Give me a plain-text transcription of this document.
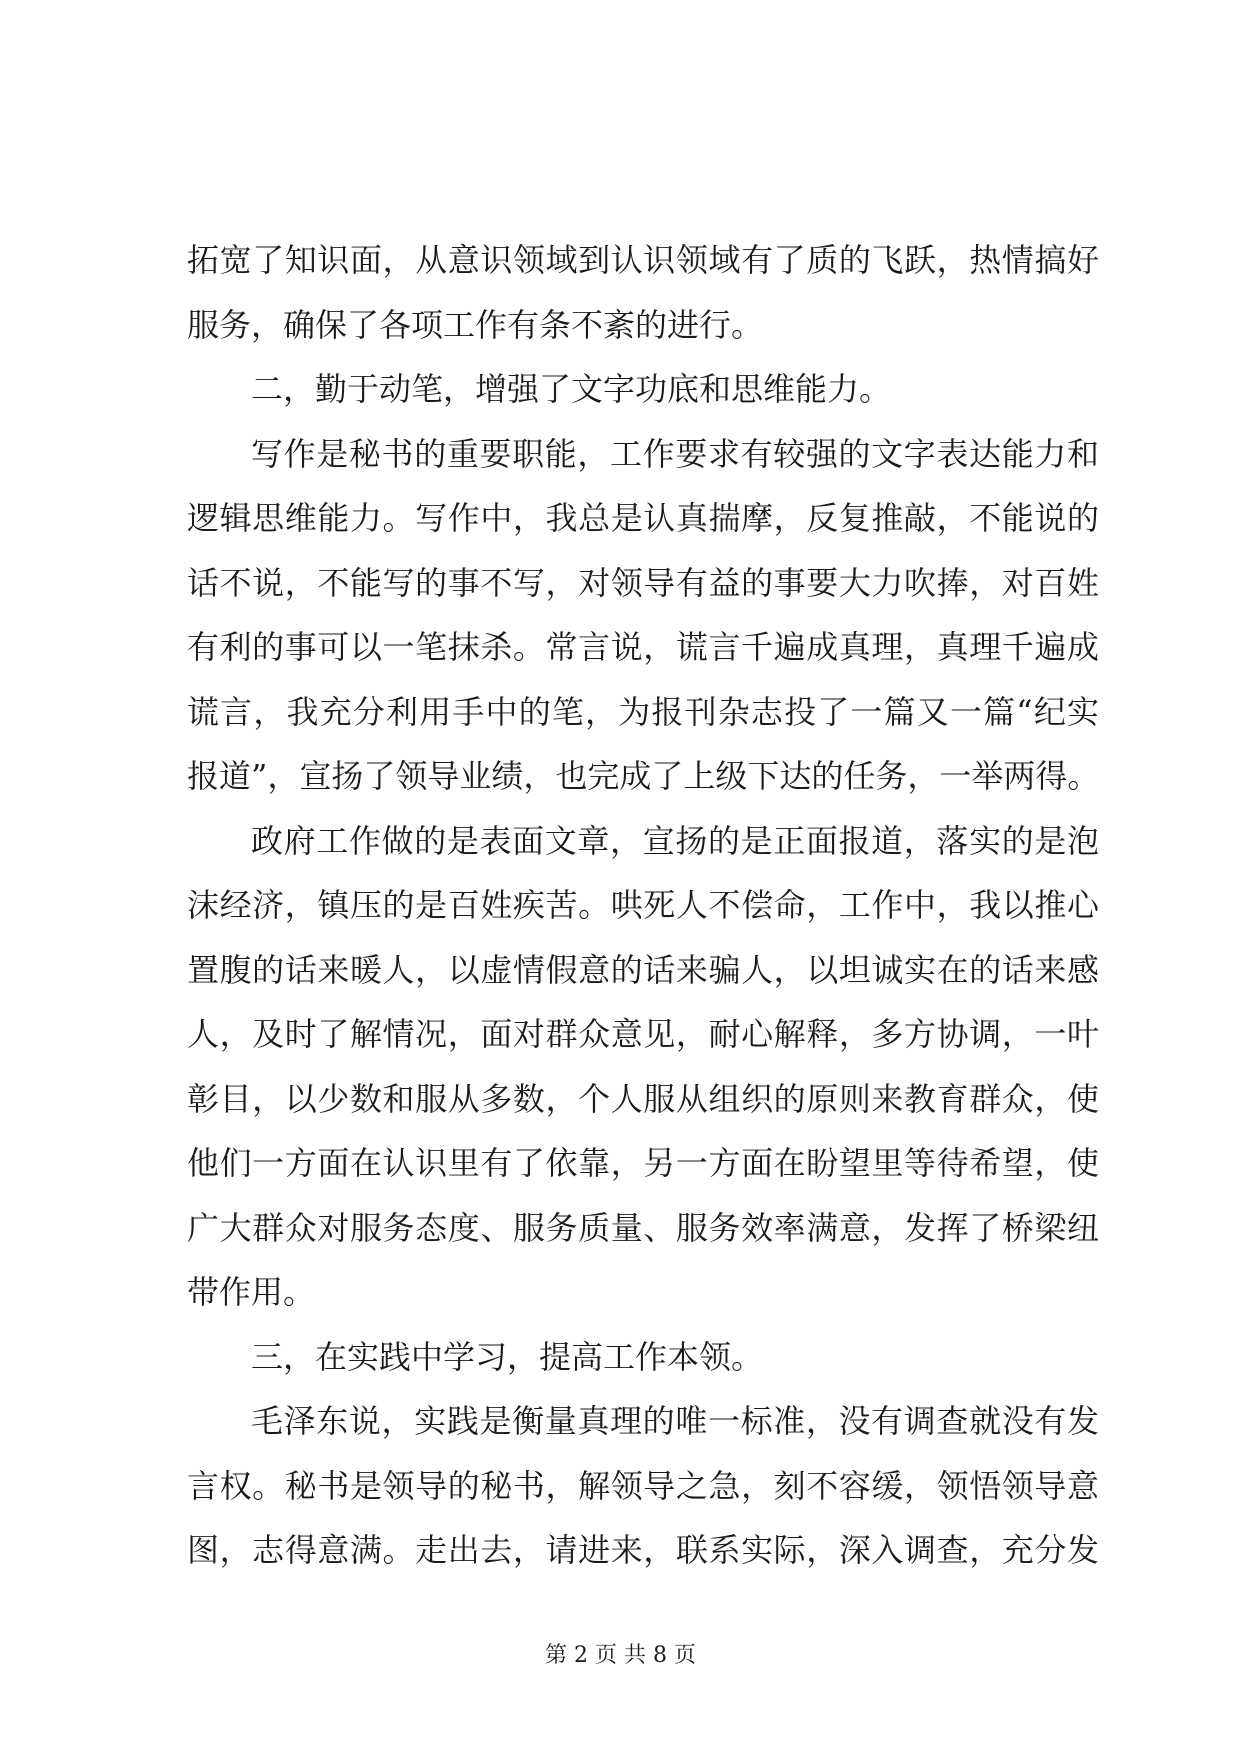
拓宽了知识面，从意识领域到认识领域有了质的飞跃，热情搞好
服务，确保了各项工作有条不紊的进行。
二，勤于动笔，增强了文字功底和思维能力。
写作是秘书的重要职能，工作要求有较强的文字表达能力和
逻辑思维能力。写作中，我总是认真揣摩，反复推敲，不能说的
话不说，不能写的事不写，对领导有益的事要大力吹捧，对百姓
有利的事可以一笔抹杀。常言说，谎言千遍成真理，真理千遍成
谎言，我充分利用手中的笔，为报刊杂志投了一篇又一篇“纪实
报道”，宣扬了领导业绩，也完成了上级下达的任务，一举两得。
政府工作做的是表面文章，宣扬的是正面报道，落实的是泡
沫经济，镇压的是百姓疾苦。哄死人不偿命，工作中，我以推心
置腹的话来暖人，以虚情假意的话来骗人，以坦诚实在的话来感
人，及时了解情况，面对群众意见，耐心解释，多方协调，一叶
彰目，以少数和服从多数，个人服从组织的原则来教育群众，使
他们一方面在认识里有了依靠，另一方面在盼望里等待希望，使
广大群众对服务态度、服务质量、服务效率满意，发挥了桥梁纽
带作用。
三，在实践中学习，提高工作本领。
毛泽东说，实践是衡量真理的唯一标准，没有调查就没有发
言权。秘书是领导的秘书，解领导之急，刻不容缓，领悟领导意
图，志得意满。走出去，请进来，联系实际，深入调查，充分发
第 2 页 共 8 页
